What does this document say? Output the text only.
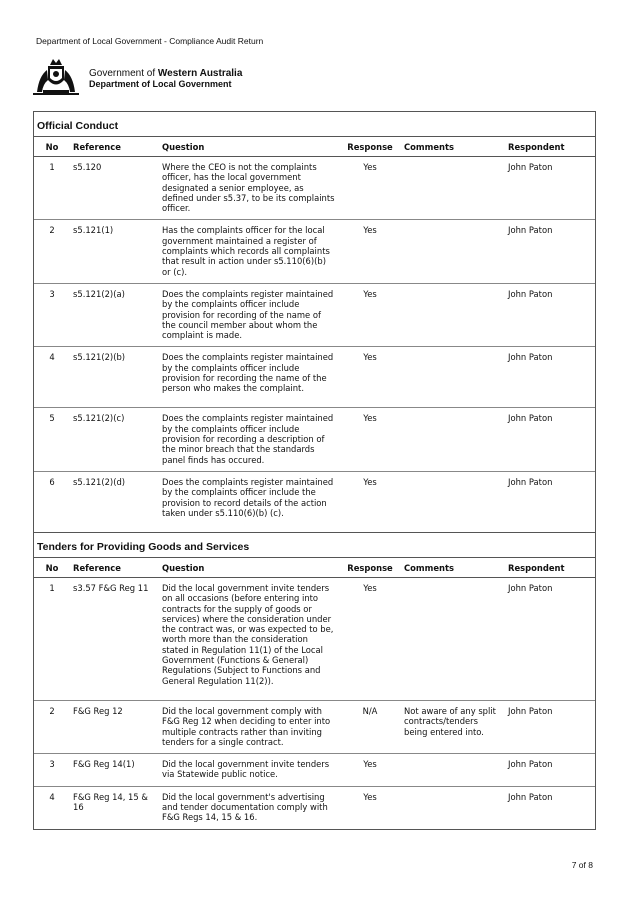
Department of Local Government - Compliance Audit Return
Government of Western Australia
Department of Local Government
Official Conduct
No	Reference	Question	Response	Comments	Respondent
1	s5.120	Where the CEO is not the complaints officer, has the local government designated a senior employee, as defined under s5.37, to be its complaints officer.	Yes		John Paton
2	s5.121(1)	Has the complaints officer for the local government maintained a register of complaints which records all complaints that result in action under s5.110(6)(b) or (c).	Yes		John Paton
3	s5.121(2)(a)	Does the complaints register maintained by the complaints officer include provision for recording of the name of the council member about whom the complaint is made.	Yes		John Paton
4	s5.121(2)(b)	Does the complaints register maintained by the complaints officer include provision for recording the name of the person who makes the complaint.	Yes		John Paton
5	s5.121(2)(c)	Does the complaints register maintained by the complaints officer include provision for recording a description of the minor breach that the standards panel finds has occured.	Yes		John Paton
6	s5.121(2)(d)	Does the complaints register maintained by the complaints officer include the provision to record details of the action taken under s5.110(6)(b) (c).	Yes		John Paton
Tenders for Providing Goods and Services
No	Reference	Question	Response	Comments	Respondent
1	s3.57 F&G Reg 11	Did the local government invite tenders on all occasions (before entering into contracts for the supply of goods or services) where the consideration under the contract was, or was expected to be, worth more than the consideration stated in Regulation 11(1) of the Local Government (Functions & General) Regulations (Subject to Functions and General Regulation 11(2)).	Yes		John Paton
2	F&G Reg 12	Did the local government comply with F&G Reg 12 when deciding to enter into multiple contracts rather than inviting tenders for a single contract.	N/A	Not aware of any split contracts/tenders being entered into.	John Paton
3	F&G Reg 14(1)	Did the local government invite tenders via Statewide public notice.	Yes		John Paton
4	F&G Reg 14, 15 & 16	Did the local government's advertising and tender documentation comply with F&G Regs 14, 15 & 16.	Yes		John Paton
7 of 8
